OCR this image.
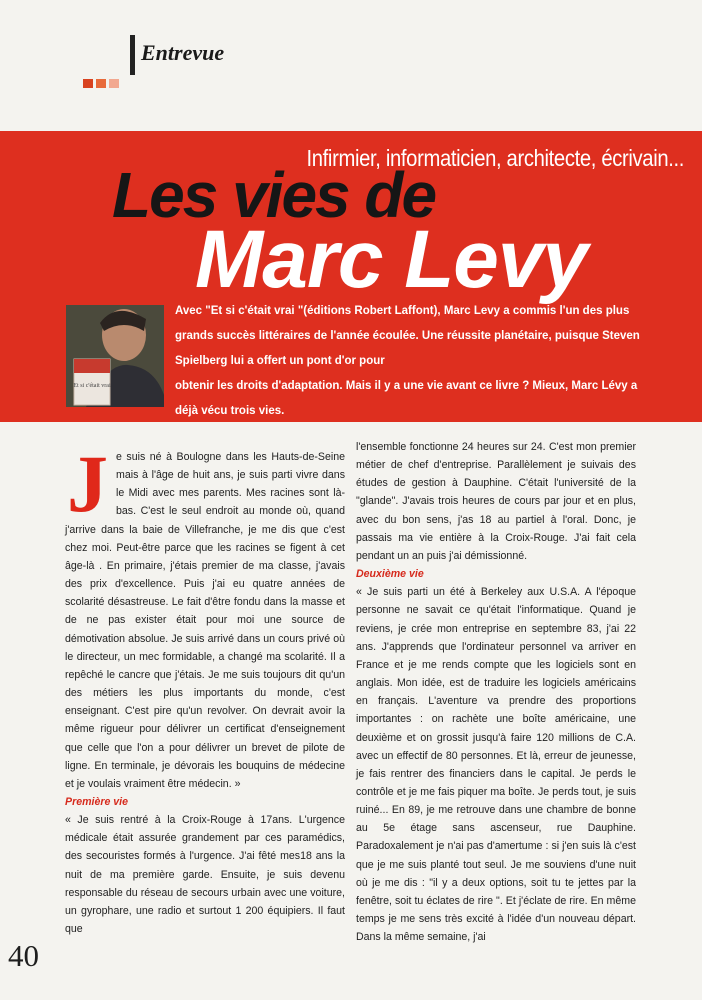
Entrevue
Infirmier, informaticien, architecte, écrivain...
Les vies de
Marc Levy
Et si c'était vrai

Avec "Et si c'était vrai "(éditions Robert Laffont), Marc Levy a commis l'un des plus

grands succès littéraires de l'année écoulée. Une réussite planétaire, puisque Steven

Spielberg lui a offert un pont d'or pour

obtenir les droits d'adaptation. Mais il y a une vie avant ce livre ? Mieux, Marc Lévy a

déjà vécu trois vies.

J e suis né à Boulogne dans les Hauts-de-Seine mais à l'âge de huit ans, je suis parti vivre dans le Midi avec mes parents. Mes racines sont là-bas. C'est le seul endroit au monde où, quand j'arrive dans la baie de Villefranche, je me dis que c'est chez moi. Peut-être parce que les racines se figent à cet âge-là . En primaire, j'étais premier de ma classe, j'avais des prix d'excellence. Puis j'ai eu quatre années de scolarité désastreuse. Le fait d'être fondu dans la masse et de ne pas exister était pour moi une source de démotivation absolue. Je suis arrivé dans un cours privé où le directeur, un mec formidable, a changé ma scolarité. Il a repêché le cancre que j'étais. Je me suis toujours dit qu'un des métiers les plus importants du monde, c'est enseignant. C'est pire qu'un revolver. On devrait avoir la même rigueur pour délivrer un certificat d'enseignement que celle que l'on a pour délivrer un brevet de pilote de ligne. En terminale, je dévorais les bouquins de médecine et je voulais vraiment être médecin. »

Première vie

« Je suis rentré à la Croix-Rouge à 17ans. L'urgence médicale était assurée grandement par ces paramédics, des secouristes formés à l'urgence. J'ai fêté mes18 ans la nuit de ma première garde. Ensuite, je suis devenu responsable du réseau de secours urbain avec une voiture, un gyrophare, une radio et surtout 1 200 équipiers. Il faut que

l'ensemble fonctionne 24 heures sur 24. C'est mon premier métier de chef d'entreprise. Parallèlement je suivais des études de gestion à Dauphine. C'était l'université de la "glande". J'avais trois heures de cours par jour et en plus, avec du bon sens, j'as 18 au partiel à l'oral. Donc, je passais ma vie entière à la Croix-Rouge. J'ai fait cela pendant un an puis j'ai démissionné.

Deuxième vie

« Je suis parti un été à Berkeley aux U.S.A. A l'époque personne ne savait ce qu'était l'informatique. Quand je reviens, je crée mon entreprise en septembre 83, j'ai 22 ans. J'apprends que l'ordinateur personnel va arriver en France et je me rends compte que les logiciels sont en anglais. Mon idée, est de traduire les logiciels américains en français. L'aventure va prendre des proportions importantes : on rachète une boîte américaine, une deuxième et on grossit jusqu'à faire 120 millions de C.A. avec un effectif de 80 personnes. Et là, erreur de jeunesse, je fais rentrer des financiers dans le capital. Je perds le contrôle et je me fais piquer ma boîte. Je perds tout, je suis ruiné... En 89, je me retrouve dans une chambre de bonne au 5e étage sans ascenseur, rue Dauphine. Paradoxalement je n'ai pas d'amertume : si j'en suis là c'est que je me suis planté tout seul. Je me souviens d'une nuit où je me dis : "il y a deux options, soit tu te jettes par la fenêtre, soit tu éclates de rire ". Et j'éclate de rire. En même temps je me sens très excité à l'idée d'un nouveau départ. Dans la même semaine, j'ai

40
